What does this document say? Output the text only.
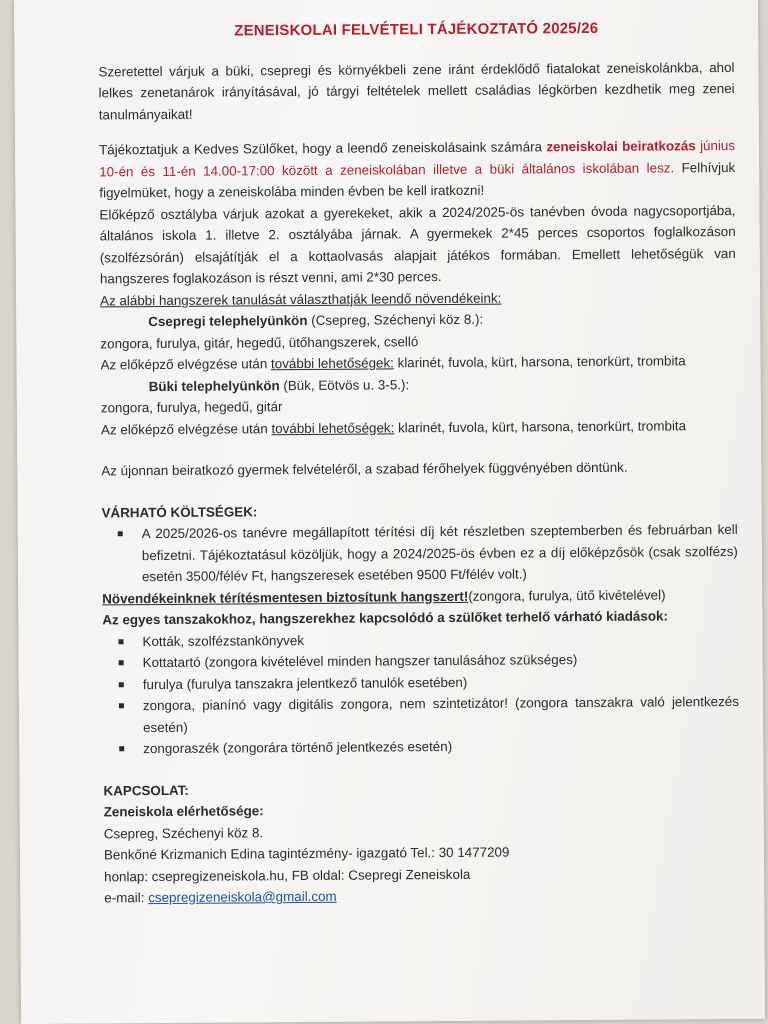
ZENEISKOLAI FELVÉTELI TÁJÉKOZTATÓ 2025/26

Szeretettel várjuk a büki, csepregi és környékbeli zene iránt érdeklődő fiatalokat zeneiskolánkba, ahol lelkes zenetanárok irányításával, jó tárgyi feltételek mellett családias légkörben kezdhetik meg zenei tanulmányaikat!

Tájékoztatjuk a Kedves Szülőket, hogy a leendő zeneiskolásaink számára zeneiskolai beiratkozás június 10-én és 11-én 14.00-17:00 között a zeneiskolában illetve a büki általános iskolában lesz. Felhívjuk figyelmüket, hogy a zeneiskolába minden évben be kell iratkozni!

Előképző osztályba várjuk azokat a gyerekeket, akik a 2024/2025-ös tanévben óvoda nagycsoportjába, általános iskola 1. illetve 2. osztályába járnak. A gyermekek 2*45 perces csoportos foglalkozáson (szolfézsórán) elsajátítják el a kottaolvasás alapjait játékos formában. Emellett lehetőségük van hangszeres foglakozáson is részt venni, ami 2*30 perces.

Az alábbi hangszerek tanulását választhatják leendő növendékeink:

Csepregi telephelyünkön (Csepreg, Széchenyi köz 8.):

zongora, furulya, gitár, hegedű, ütőhangszerek, cselló

Az előképző elvégzése után további lehetőségek: klarinét, fuvola, kürt, harsona, tenorkürt, trombita

Büki telephelyünkön (Bük, Eötvös u. 3-5.):

zongora, furulya, hegedű, gitár

Az előképző elvégzése után további lehetőségek: klarinét, fuvola, kürt, harsona, tenorkürt, trombita

Az újonnan beiratkozó gyermek felvételéről, a szabad férőhelyek függvényében döntünk.

VÁRHATÓ KÖLTSÉGEK:

A 2025/2026-os tanévre megállapított térítési díj két részletben szeptemberben és februárban kell befizetni. Tájékoztatásul közöljük, hogy a 2024/2025-ös évben ez a díj előképzősök (csak szolfézs) esetén 3500/félév Ft, hangszeresek esetében 9500 Ft/félév volt.)

Növendékeinknek térítésmentesen biztosítunk hangszert!(zongora, furulya, ütő kivételével)

Az egyes tanszakokhoz, hangszerekhez kapcsolódó a szülőket terhelő várható kiadások:

Kották, szolfézstankönyvek
Kottatartó (zongora kivételével minden hangszer tanulásához szükséges)
furulya (furulya tanszakra jelentkező tanulók esetében)
zongora, pianínó vagy digitális zongora, nem szintetizátor! (zongora tanszakra való jelentkezés esetén)
zongoraszék (zongorára történő jelentkezés esetén)

KAPCSOLAT:

Zeneiskola elérhetősége:

Csepreg, Széchenyi köz 8.

Benkőné Krizmanich Edina tagintézmény- igazgató Tel.: 30 1477209

honlap: csepregizeneiskola.hu, FB oldal: Csepregi Zeneiskola

e-mail: csepregizeneiskola@gmail.com
